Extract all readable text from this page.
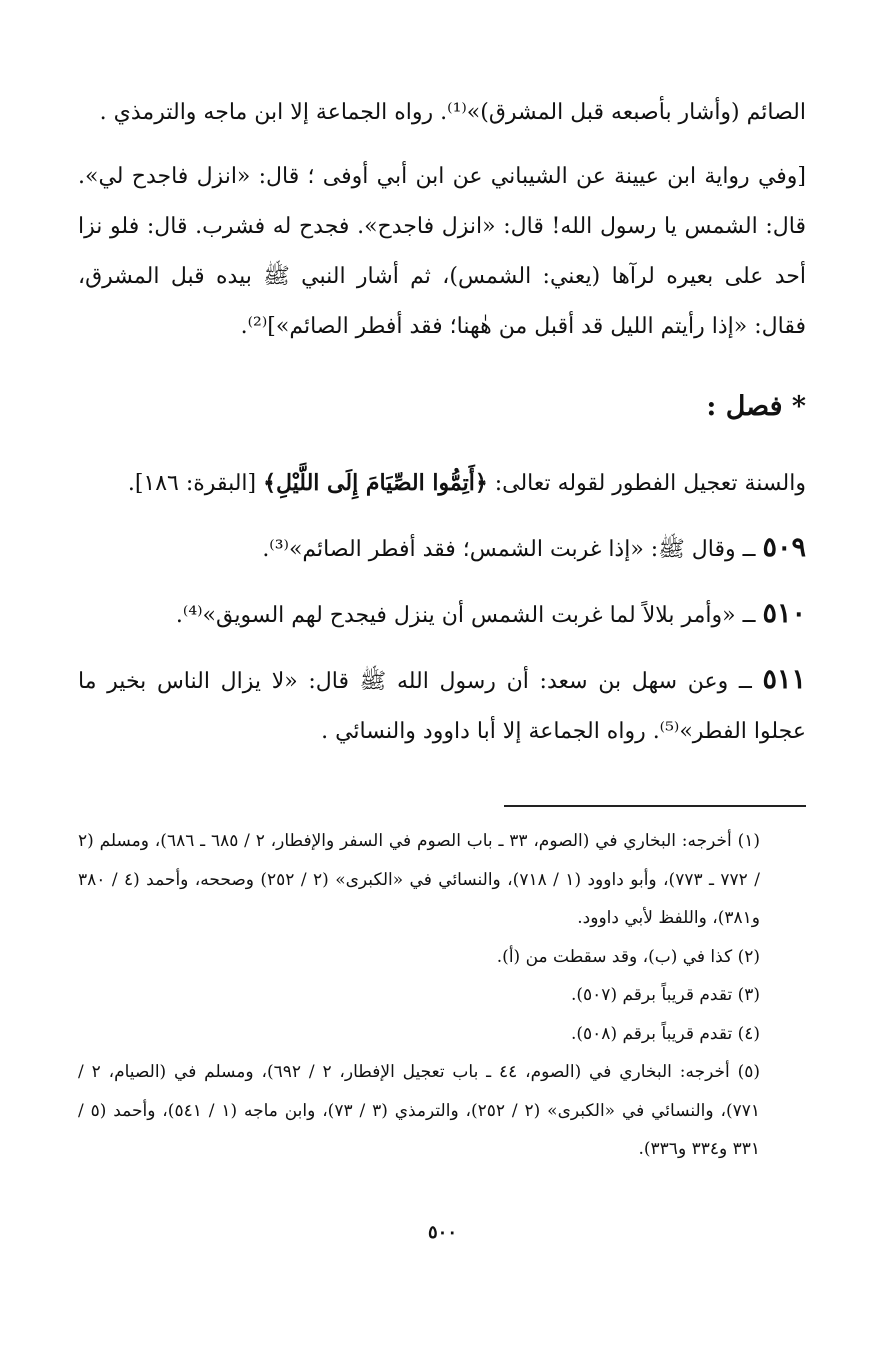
الصائم (وأشار بأصبعه قبل المشرق)»⁽¹⁾. رواه الجماعة إلا ابن ماجه والترمذي .

[وفي رواية ابن عيينة عن الشيباني عن ابن أبي أوفى ؛ قال: «انزل فاجدح لي». قال: الشمس يا رسول الله! قال: «انزل فاجدح». فجدح له فشرب. قال: فلو نزا أحد على بعيره لرآها (يعني: الشمس)، ثم أشار النبي ﷺ بيده قبل المشرق، فقال: «إذا رأيتم الليل قد أقبل من هٰهنا؛ فقد أفطر الصائم»]⁽²⁾.

* فصل :

والسنة تعجيل الفطور لقوله تعالى: ﴿أَتِمُّوا الصِّيَامَ إِلَى اللَّيْلِ﴾ [البقرة: ١٨٦].

٥٠٩ ــ وقال ﷺ: «إذا غربت الشمس؛ فقد أفطر الصائم»⁽³⁾.

٥١٠ ــ «وأمر بلالاً لما غربت الشمس أن ينزل فيجدح لهم السويق»⁽⁴⁾.

٥١١ ــ وعن سهل بن سعد: أن رسول الله ﷺ قال: «لا يزال الناس بخير ما عجلوا الفطر»⁽⁵⁾. رواه الجماعة إلا أبا داوود والنسائي .

(١) أخرجه: البخاري في (الصوم، ٣٣ ـ باب الصوم في السفر والإفطار، ٢ / ٦٨٥ ـ ٦٨٦)، ومسلم (٢ / ٧٧٢ ـ ٧٧٣)، وأبو داوود (١ / ٧١٨)، والنسائي في «الكبرى» (٢ / ٢٥٢) وصححه، وأحمد (٤ / ٣٨٠ و٣٨١)، واللفظ لأبي داوود.

(٢) كذا في (ب)، وقد سقطت من (أ).

(٣) تقدم قريباً برقم (٥٠٧).

(٤) تقدم قريباً برقم (٥٠٨).

(٥) أخرجه: البخاري في (الصوم، ٤٤ ـ باب تعجيل الإفطار، ٢ / ٦٩٢)، ومسلم في (الصيام، ٢ / ٧٧١)، والنسائي في «الكبرى» (٢ / ٢٥٢)، والترمذي (٣ / ٧٣)، وابن ماجه (١ / ٥٤١)، وأحمد (٥ / ٣٣١ و٣٣٤ و٣٣٦).

٥٠٠
